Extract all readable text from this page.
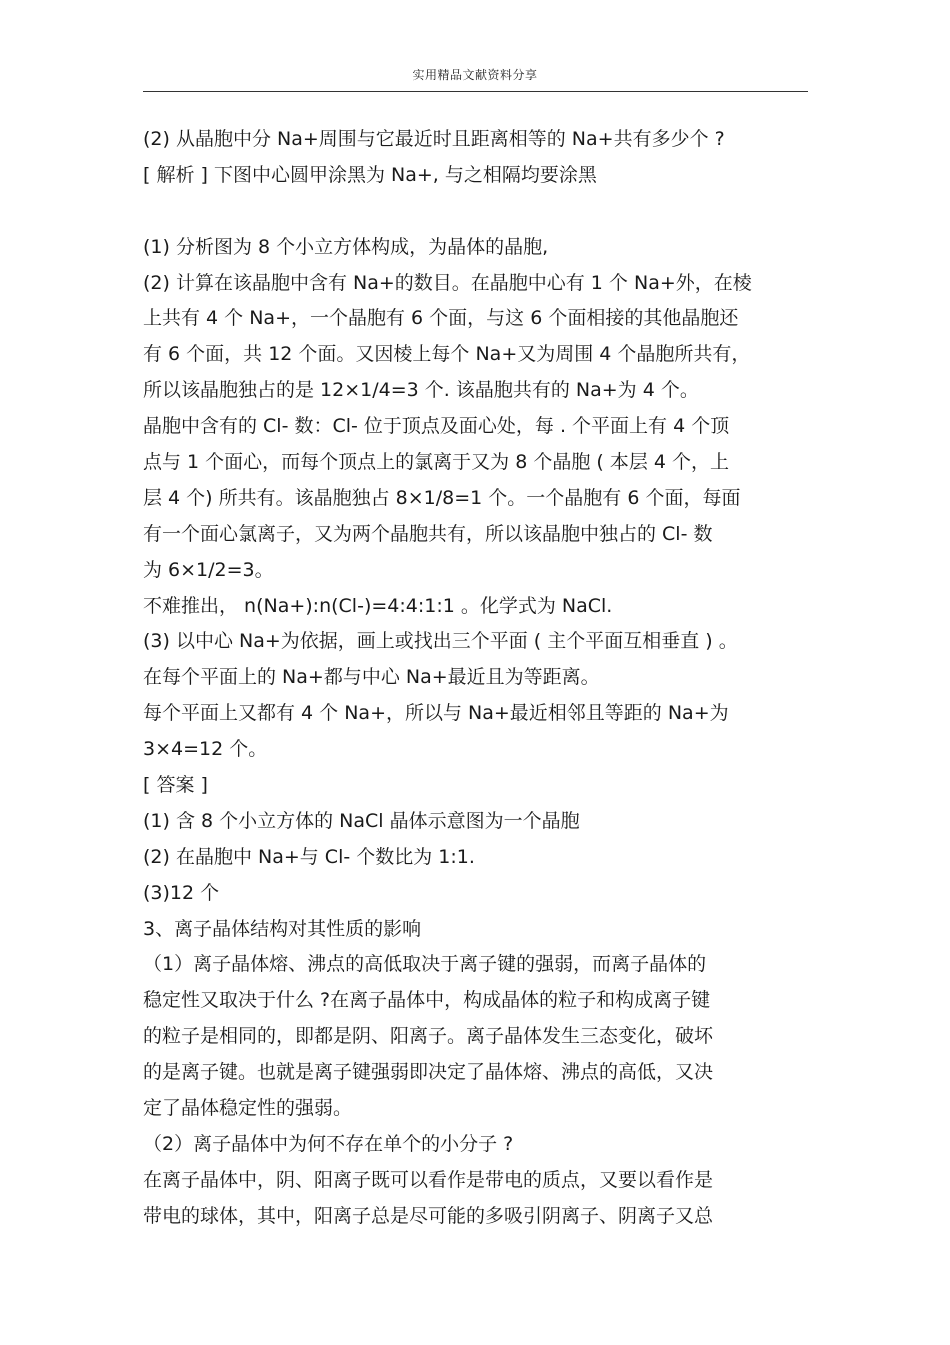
实用精品文献资料分享
(2) 从晶胞中分 Na+周围与它最近时且距离相等的 Na+共有多少个 ?
[ 解析 ] 下图中心圆甲涂黑为 Na+, 与之相隔均要涂黑
(1) 分析图为 8 个小立方体构成，为晶体的晶胞,
(2) 计算在该晶胞中含有 Na+的数目。在晶胞中心有 1 个 Na+外，在棱
上共有 4 个 Na+，一个晶胞有 6 个面，与这 6 个面相接的其他晶胞还
有 6 个面，共 12 个面。又因棱上每个 Na+又为周围 4 个晶胞所共有，
所以该晶胞独占的是 12×1/4=3 个. 该晶胞共有的 Na+为 4 个。
晶胞中含有的 Cl- 数：Cl- 位于顶点及面心处，每 . 个平面上有 4 个顶
点与 1 个面心，而每个顶点上的氯离于又为 8 个晶胞 ( 本层 4 个，上
层 4 个) 所共有。该晶胞独占 8×1/8=1 个。一个晶胞有 6 个面，每面
有一个面心氯离子，又为两个晶胞共有，所以该晶胞中独占的 Cl- 数
为 6×1/2=3。
不难推出， n(Na+):n(Cl-)=4:4:1:1 。化学式为 NaCl.
(3) 以中心 Na+为依据，画上或找出三个平面 ( 主个平面互相垂直 ) 。
在每个平面上的 Na+都与中心 Na+最近且为等距离。
每个平面上又都有 4 个 Na+，所以与 Na+最近相邻且等距的 Na+为
3×4=12 个。
[ 答案 ]
(1) 含 8 个小立方体的 NaCl 晶体示意图为一个晶胞
(2) 在晶胞中 Na+与 Cl- 个数比为 1:1.
(3)12 个
3、离子晶体结构对其性质的影响
（1）离子晶体熔、沸点的高低取决于离子键的强弱，而离子晶体的
稳定性又取决于什么 ?在离子晶体中，构成晶体的粒子和构成离子键
的粒子是相同的，即都是阴、阳离子。离子晶体发生三态变化，破坏
的是离子键。也就是离子键强弱即决定了晶体熔、沸点的高低，又决
定了晶体稳定性的强弱。
（2）离子晶体中为何不存在单个的小分子 ?
在离子晶体中，阴、阳离子既可以看作是带电的质点，又要以看作是
带电的球体，其中，阳离子总是尽可能的多吸引阴离子、阴离子又总
